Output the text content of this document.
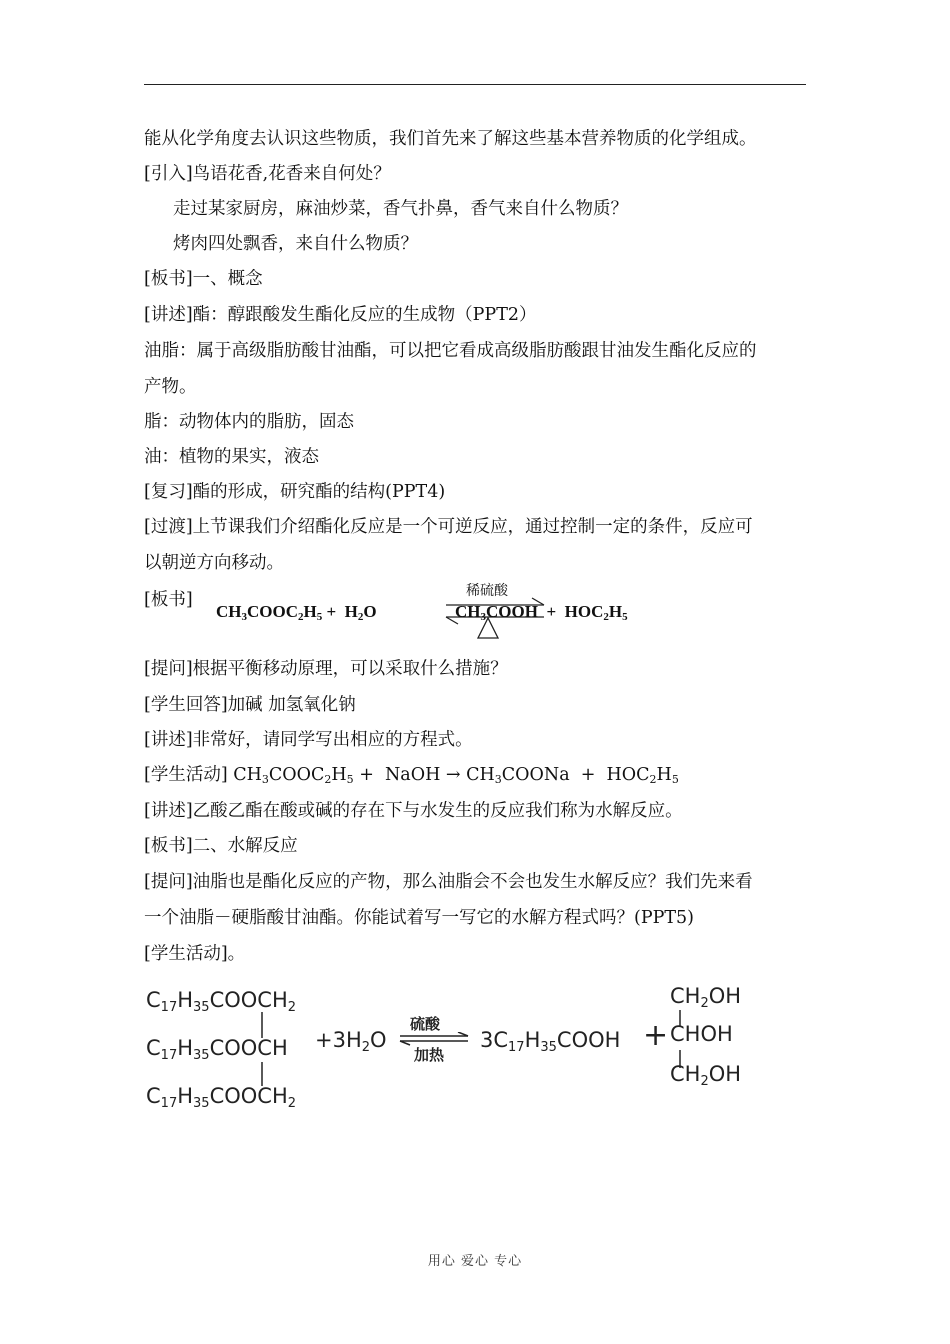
能从化学角度去认识这些物质，我们首先来了解这些基本营养物质的化学组成。
[引入]鸟语花香,花香来自何处？
走过某家厨房，麻油炒菜，香气扑鼻，香气来自什么物质？
烤肉四处飘香，来自什么物质？
[板书]一、概念
[讲述]酯：醇跟酸发生酯化反应的生成物（PPT2）
油脂：属于高级脂肪酸甘油酯，可以把它看成高级脂肪酸跟甘油发生酯化反应的
产物。
脂：动物体内的脂肪，固态
油：植物的果实，液态
[复习]酯的形成，研究酯的结构(PPT4)
[过渡]上节课我们介绍酯化反应是一个可逆反应，通过控制一定的条件，反应可
以朝逆方向移动。
[板书]
$CH_3COOC_2H_5 + H_2O$
稀硫酸
$CH_3COOH + HOC_2H_5$
[提问]根据平衡移动原理，可以采取什么措施？
[学生回答]加碱 加氢氧化钠
[讲述]非常好，请同学写出相应的方程式。
[学生活动] $CH_3COOC_2H_5$ +  NaOH → $CH_3COONa + HOC_2H_5$
[讲述]乙酸乙酯在酸或碱的存在下与水发生的反应我们称为水解反应。
[板书]二、水解反应
[提问]油脂也是酯化反应的产物，那么油脂会不会也发生水解反应？我们先来看
一个油脂－硬脂酸甘油酯。你能试着写一写它的水解方程式吗？(PPT5)
[学生活动]。
$C_{17}H_{35}COOCH_2$
$C_{17}H_{35}COOCH$
$C_{17}H_{35}COOCH_2$
$+3H_2O$
硫酸
加热
$3C_{17}H_{35}COOH$ +
$CH_2OH$
CHOH
$CH_2OH$
用心 爱心 专心
